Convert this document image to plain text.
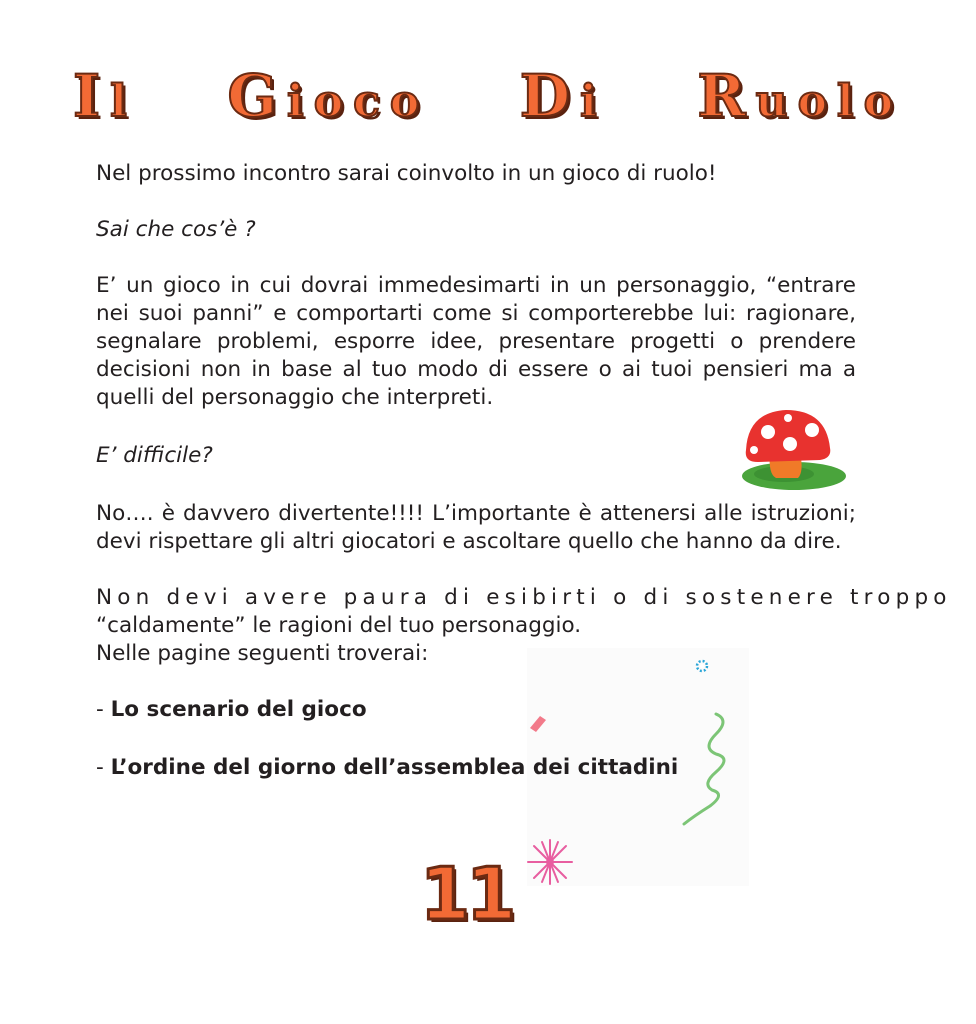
Il Gioco Di Ruolo
Nel prossimo incontro sarai coinvolto in un gioco di ruolo!
Sai che cos’è ?
E’ un gioco in cui dovrai immedesimarti in un personaggio, “entrare nei suoi panni” e comportarti come si comporterebbe lui: ragionare, segnalare problemi, esporre idee, presentare progetti o prendere decisioni non in base al tuo modo di essere o ai tuoi pensieri ma a quelli del personaggio che interpreti.
E’ difficile?
No…. è davvero divertente!!!! L’importante è attenersi alle istruzioni; devi rispettare gli altri giocatori e ascoltare quello che hanno da dire.
Non devi avere paura di esibirti o di sostenere troppo
“caldamente” le ragioni del tuo personaggio.
Nelle pagine seguenti troverai:
- Lo scenario del gioco
- L’ordine del giorno dell’assemblea dei cittadini
11
